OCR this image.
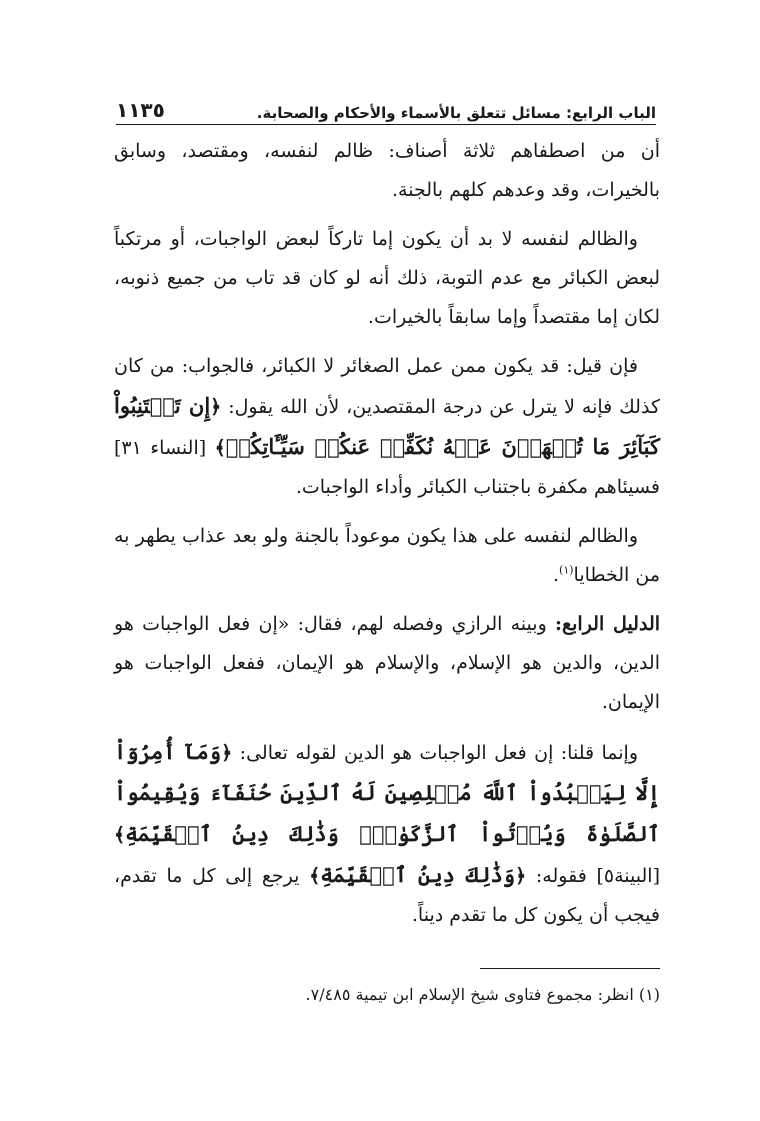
الباب الرابع: مسائل تتعلق بالأسماء والأحكام والصحابة.
١١٣٥

أن من اصطفاهم ثلاثة أصناف: ظالم لنفسه، ومقتصد، وسابق بالخيرات، وقد وعدهم كلهم بالجنة.

والظالم لنفسه لا بد أن يكون إما تاركاً لبعض الواجبات، أو مرتكباً لبعض الكبائر مع عدم التوبة، ذلك أنه لو كان قد تاب من جميع ذنوبه، لكان إما مقتصداً وإما سابقاً بالخيرات.

فإن قيل: قد يكون ممن عمل الصغائر لا الكبائر، فالجواب: من كان كذلك فإنه لا يترل عن درجة المقتصدين، لأن الله يقول: ﴿إِن تَجۡتَنِبُواْ كَبَآئِرَ مَا تُنۡهَوۡنَ عَنۡهُ نُكَفِّرۡ عَنكُمۡ سَيِّـَٔاتِكُمۡ﴾ [النساء ٣١] فسيئاهم مكفرة باجتناب الكبائر وأداء الواجبات.

والظالم لنفسه على هذا يكون موعوداً بالجنة ولو بعد عذاب يطهر به من الخطايا$^{(١)}$.

الدليل الرابع: وبينه الرازي وفصله لهم، فقال: «إن فعل الواجبات هو الدين، والدين هو الإسلام، والإسلام هو الإيمان، ففعل الواجبات هو الإيمان.

وإنما قلنا: إن فعل الواجبات هو الدين لقوله تعالى: ﴿وَمَآ أُمِرُوٓاْ إِلَّا لِيَعۡبُدُواْ ٱللَّهَ مُخۡلِصِينَ لَهُ ٱلدِّينَ حُنَفَآءَ وَيُقِيمُواْ ٱلصَّلَوٰةَ وَيُؤۡتُواْ ٱلزَّكَوٰةَۚ وَذَٰلِكَ دِينُ ٱلۡقَيِّمَةِ﴾ [البينة٥] فقوله: ﴿وَذَٰلِكَ دِينُ ٱلۡقَيِّمَةِ﴾ يرجع إلى كل ما تقدم، فيجب أن يكون كل ما تقدم ديناً.

(١) انظر: مجموع فتاوى شيخ الإسلام ابن تيمية ٧/٤٨٥.
